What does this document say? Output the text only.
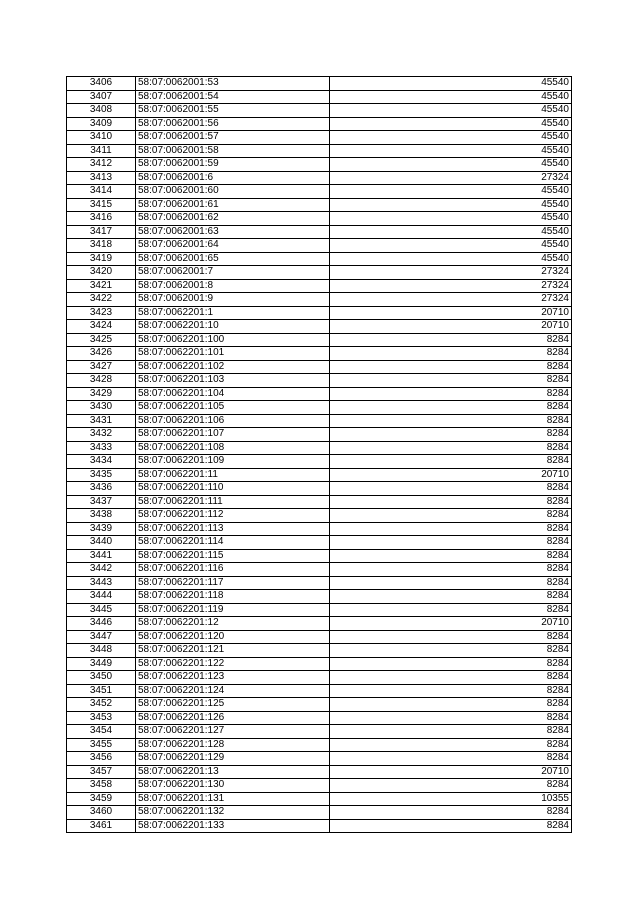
3406	58:07:0062001:53	45540
3407	58:07:0062001:54	45540
3408	58:07:0062001:55	45540
3409	58:07:0062001:56	45540
3410	58:07:0062001:57	45540
3411	58:07:0062001:58	45540
3412	58:07:0062001:59	45540
3413	58:07:0062001:6	27324
3414	58:07:0062001:60	45540
3415	58:07:0062001:61	45540
3416	58:07:0062001:62	45540
3417	58:07:0062001:63	45540
3418	58:07:0062001:64	45540
3419	58:07:0062001:65	45540
3420	58:07:0062001:7	27324
3421	58:07:0062001:8	27324
3422	58:07:0062001:9	27324
3423	58:07:0062201:1	20710
3424	58:07:0062201:10	20710
3425	58:07:0062201:100	8284
3426	58:07:0062201:101	8284
3427	58:07:0062201:102	8284
3428	58:07:0062201:103	8284
3429	58:07:0062201:104	8284
3430	58:07:0062201:105	8284
3431	58:07:0062201:106	8284
3432	58:07:0062201:107	8284
3433	58:07:0062201:108	8284
3434	58:07:0062201:109	8284
3435	58:07:0062201:11	20710
3436	58:07:0062201:110	8284
3437	58:07:0062201:111	8284
3438	58:07:0062201:112	8284
3439	58:07:0062201:113	8284
3440	58:07:0062201:114	8284
3441	58:07:0062201:115	8284
3442	58:07:0062201:116	8284
3443	58:07:0062201:117	8284
3444	58:07:0062201:118	8284
3445	58:07:0062201:119	8284
3446	58:07:0062201:12	20710
3447	58:07:0062201:120	8284
3448	58:07:0062201:121	8284
3449	58:07:0062201:122	8284
3450	58:07:0062201:123	8284
3451	58:07:0062201:124	8284
3452	58:07:0062201:125	8284
3453	58:07:0062201:126	8284
3454	58:07:0062201:127	8284
3455	58:07:0062201:128	8284
3456	58:07:0062201:129	8284
3457	58:07:0062201:13	20710
3458	58:07:0062201:130	8284
3459	58:07:0062201:131	10355
3460	58:07:0062201:132	8284
3461	58:07:0062201:133	8284
